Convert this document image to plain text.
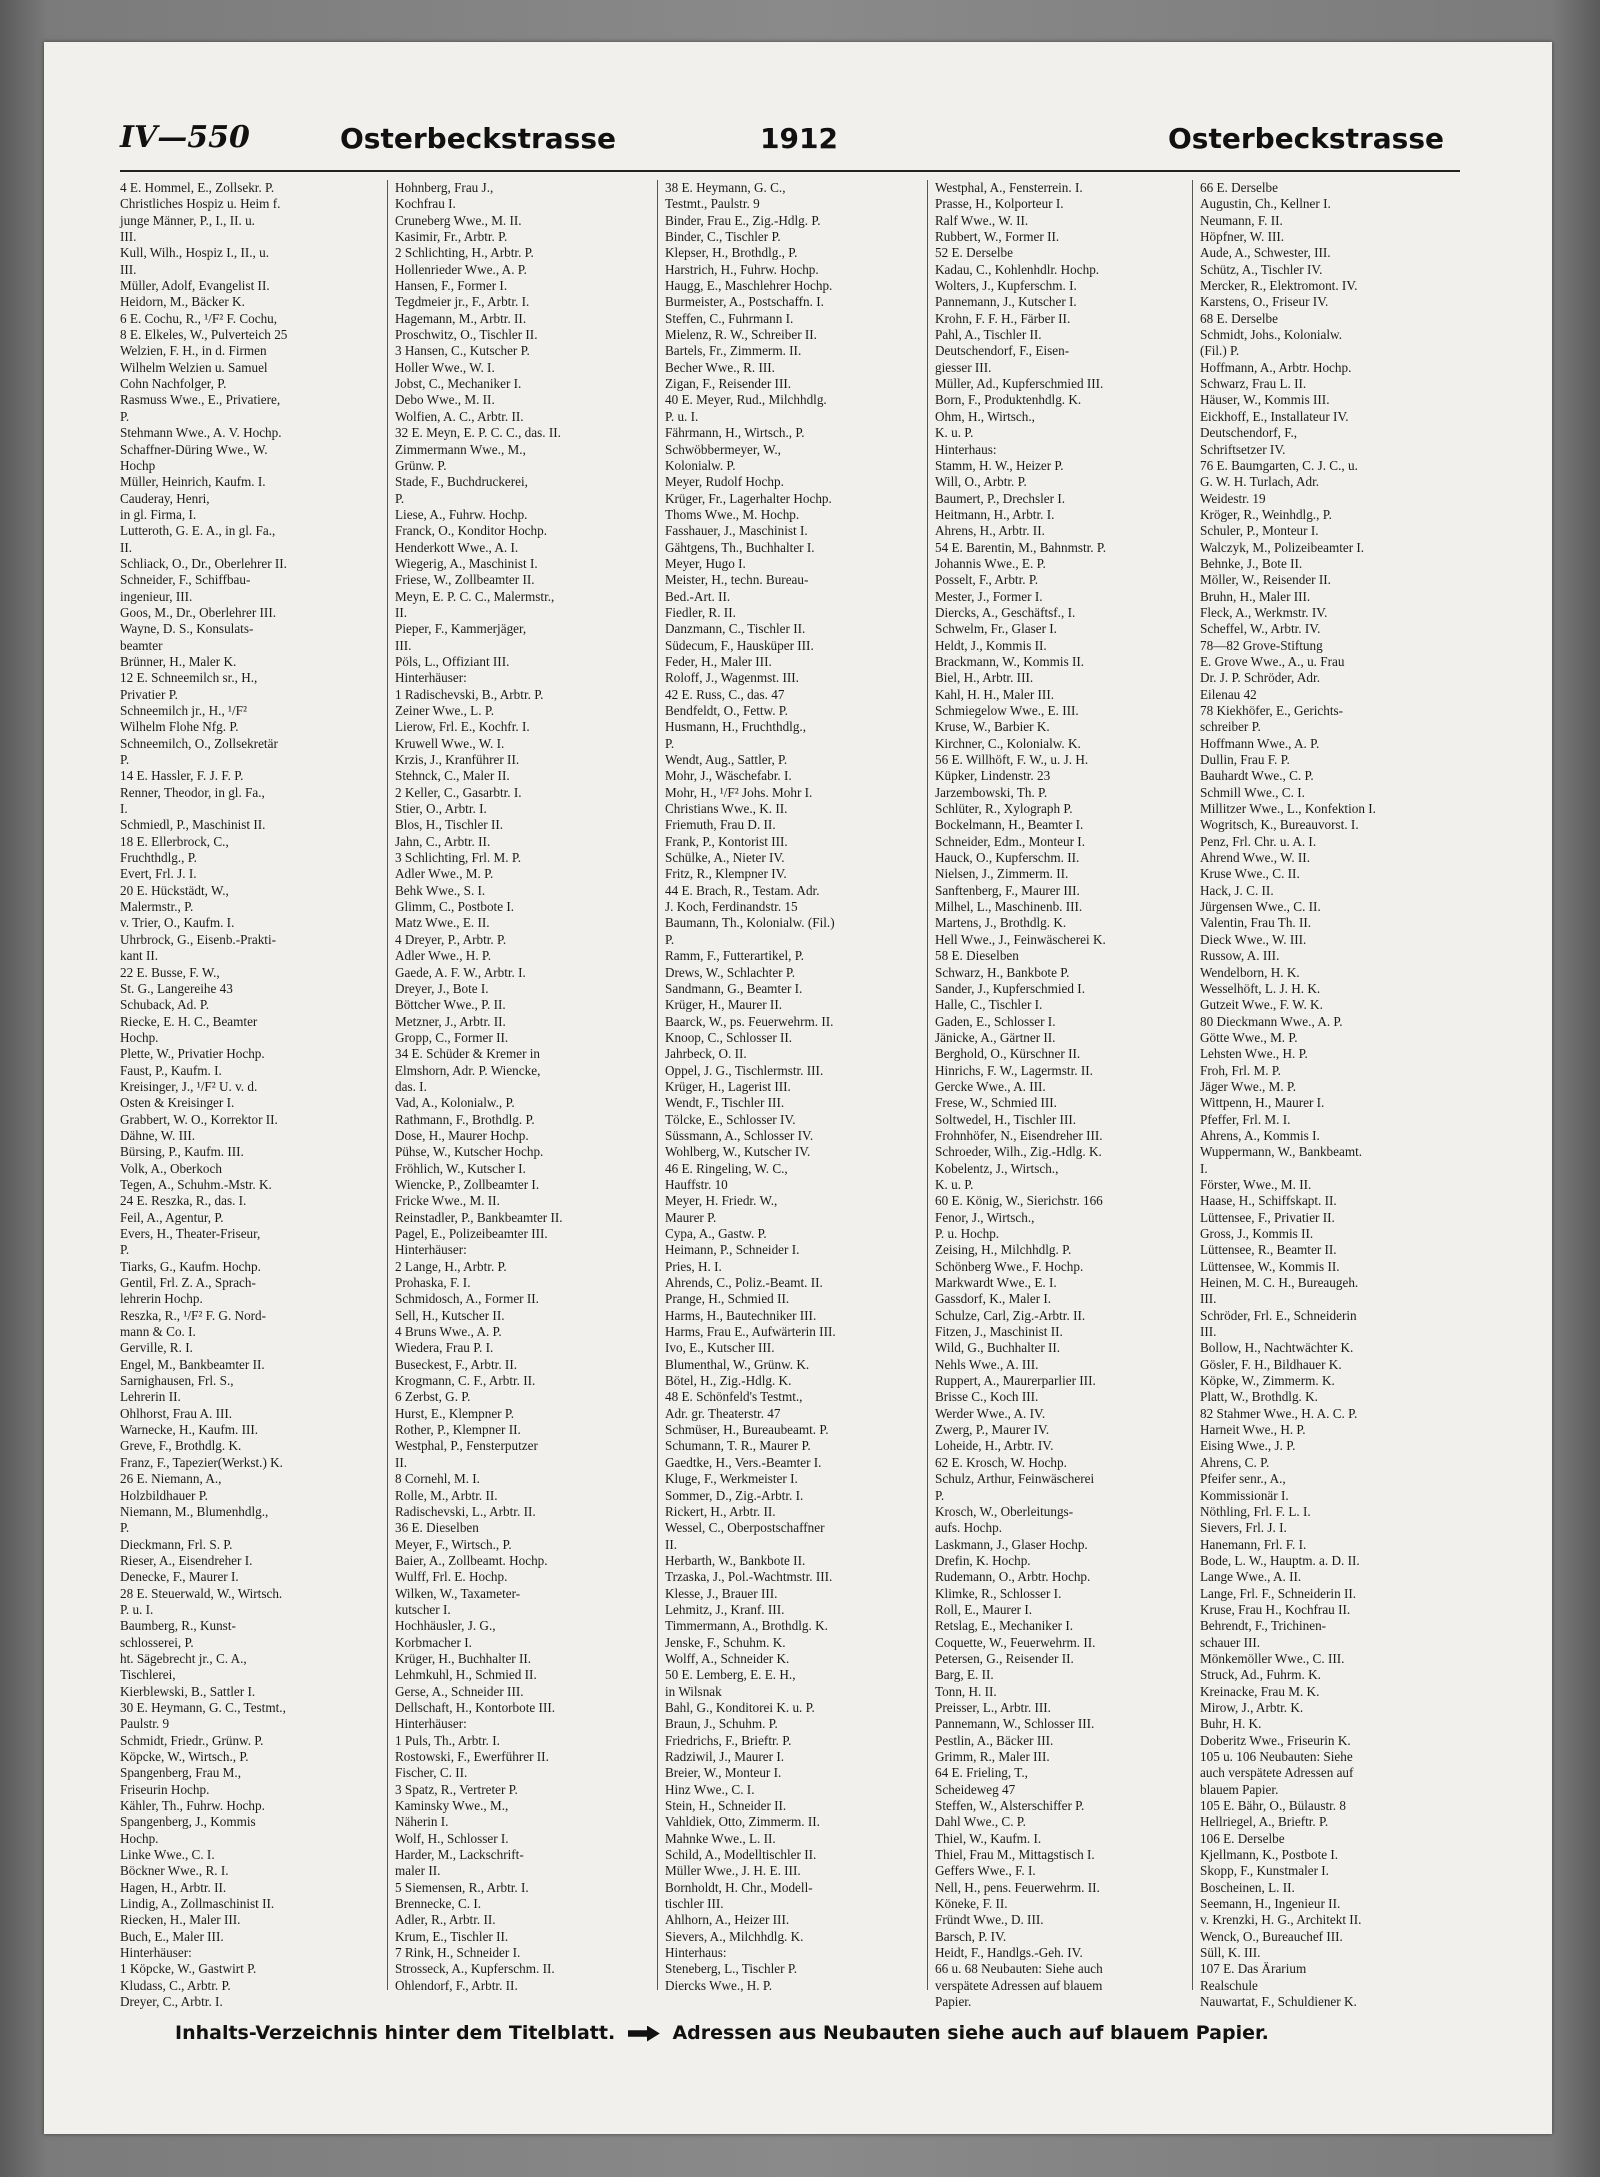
IV—550	Osterbeckstrasse	1912	Osterbeckstrasse
4 E. Hommel, E., Zollsekr. P.
Christliches Hospiz u. Heim f.
junge Männer, P., I., II. u.
III.
Kull, Wilh., Hospiz I., II., u.
III.
Müller, Adolf, Evangelist II.
Heidorn, M., Bäcker K.
6 E. Cochu, R., ¹/F² F. Cochu,
8 E. Elkeles, W., Pulverteich 25
Welzien, F. H., in d. Firmen
Wilhelm Welzien u. Samuel
Cohn Nachfolger, P.
Rasmuss Wwe., E., Privatiere,
P.
Stehmann Wwe., A. V. Hochp.
Schaffner-Düring Wwe., W.
Hochp
Müller, Heinrich, Kaufm. I.
Cauderay, Henri,
in gl. Firma, I.
Lutteroth, G. E. A., in gl. Fa.,
II.
Schliack, O., Dr., Oberlehrer II.
Schneider, F., Schiffbau-
ingenieur, III.
Goos, M., Dr., Oberlehrer III.
Wayne, D. S., Konsulats-
beamter
Brünner, H., Maler K.
12 E. Schneemilch sr., H.,
Privatier P.
Schneemilch jr., H., ¹/F²
Wilhelm Flohe Nfg. P.
Schneemilch, O., Zollsekretär
P.
14 E. Hassler, F. J. F. P.
Renner, Theodor, in gl. Fa.,
I.
Schmiedl, P., Maschinist II.
18 E. Ellerbrock, C.,
Fruchthdlg., P.
Evert, Frl. J. I.
20 E. Hückstädt, W.,
Malermstr., P.
v. Trier, O., Kaufm. I.
Uhrbrock, G., Eisenb.-Prakti-
kant II.
22 E. Busse, F. W.,
St. G., Langereihe 43
Schuback, Ad. P.
Riecke, E. H. C., Beamter
Hochp.
Plette, W., Privatier Hochp.
Faust, P., Kaufm. I.
Kreisinger, J., ¹/F² U. v. d.
Osten & Kreisinger I.
Grabbert, W. O., Korrektor II.
Dähne, W. III.
Bürsing, P., Kaufm. III.
Volk, A., Oberkoch
Tegen, A., Schuhm.-Mstr. K.
24 E. Reszka, R., das. I.
Feil, A., Agentur, P.
Evers, H., Theater-Friseur,
P.
Tiarks, G., Kaufm. Hochp.
Gentil, Frl. Z. A., Sprach-
lehrerin Hochp.
Reszka, R., ¹/F² F. G. Nord-
mann & Co. I.
Gerville, R. I.
Engel, M., Bankbeamter II.
Sarnighausen, Frl. S.,
Lehrerin II.
Ohlhorst, Frau A. III.
Warnecke, H., Kaufm. III.
Greve, F., Brothdlg. K.
Franz, F., Tapezier(Werkst.) K.
26 E. Niemann, A.,
Holzbildhauer P.
Niemann, M., Blumenhdlg.,
P.
Dieckmann, Frl. S. P.
Rieser, A., Eisendreher I.
Denecke, F., Maurer I.
28 E. Steuerwald, W., Wirtsch.
P. u. I.
Baumberg, R., Kunst-
schlosserei, P.
ht. Sägebrecht jr., C. A.,
Tischlerei,
Kierblewski, B., Sattler I.
30 E. Heymann, G. C., Testmt.,
Paulstr. 9
Schmidt, Friedr., Grünw. P.
Köpcke, W., Wirtsch., P.
Spangenberg, Frau M.,
Friseurin Hochp.
Kähler, Th., Fuhrw. Hochp.
Spangenberg, J., Kommis
Hochp.
Linke Wwe., C. I.
Böckner Wwe., R. I.
Hagen, H., Arbtr. II.
Lindig, A., Zollmaschinist II.
Riecken, H., Maler III.
Buch, E., Maler III.
Hinterhäuser:
1 Köpcke, W., Gastwirt P.
Kludass, C., Arbtr. P.
Dreyer, C., Arbtr. I.
Hohnberg, Frau J.,
Kochfrau I.
Cruneberg Wwe., M. II.
Kasimir, Fr., Arbtr. P.
2 Schlichting, H., Arbtr. P.
Hollenrieder Wwe., A. P.
Hansen, F., Former I.
Tegdmeier jr., F., Arbtr. I.
Hagemann, M., Arbtr. II.
Proschwitz, O., Tischler II.
3 Hansen, C., Kutscher P.
Holler Wwe., W. I.
Jobst, C., Mechaniker I.
Debo Wwe., M. II.
Wolfien, A. C., Arbtr. II.
32 E. Meyn, E. P. C. C., das. II.
Zimmermann Wwe., M.,
Grünw. P.
Stade, F., Buchdruckerei,
P.
Liese, A., Fuhrw. Hochp.
Franck, O., Konditor Hochp.
Henderkott Wwe., A. I.
Wiegerig, A., Maschinist I.
Friese, W., Zollbeamter II.
Meyn, E. P. C. C., Malermstr.,
II.
Pieper, F., Kammerjäger,
III.
Pöls, L., Offiziant III.
Hinterhäuser:
1 Radischevski, B., Arbtr. P.
Zeiner Wwe., L. P.
Lierow, Frl. E., Kochfr. I.
Kruwell Wwe., W. I.
Krzis, J., Kranführer II.
Stehnck, C., Maler II.
2 Keller, C., Gasarbtr. I.
Stier, O., Arbtr. I.
Blos, H., Tischler II.
Jahn, C., Arbtr. II.
3 Schlichting, Frl. M. P.
Adler Wwe., M. P.
Behk Wwe., S. I.
Glimm, C., Postbote I.
Matz Wwe., E. II.
4 Dreyer, P., Arbtr. P.
Adler Wwe., H. P.
Gaede, A. F. W., Arbtr. I.
Dreyer, J., Bote I.
Böttcher Wwe., P. II.
Metzner, J., Arbtr. II.
Gropp, C., Former II.
34 E. Schüder & Kremer in
Elmshorn, Adr. P. Wiencke,
das. I.
Vad, A., Kolonialw., P.
Rathmann, F., Brothdlg. P.
Dose, H., Maurer Hochp.
Pühse, W., Kutscher Hochp.
Fröhlich, W., Kutscher I.
Wiencke, P., Zollbeamter I.
Fricke Wwe., M. II.
Reinstadler, P., Bankbeamter II.
Pagel, E., Polizeibeamter III.
Hinterhäuser:
2 Lange, H., Arbtr. P.
Prohaska, F. I.
Schmidosch, A., Former II.
Sell, H., Kutscher II.
4 Bruns Wwe., A. P.
Wiedera, Frau P. I.
Buseckest, F., Arbtr. II.
Krogmann, C. F., Arbtr. II.
6 Zerbst, G. P.
Hurst, E., Klempner P.
Rother, P., Klempner II.
Westphal, P., Fensterputzer
II.
8 Cornehl, M. I.
Rolle, M., Arbtr. II.
Radischevski, L., Arbtr. II.
36 E. Dieselben
Meyer, F., Wirtsch., P.
Baier, A., Zollbeamt. Hochp.
Wulff, Frl. E. Hochp.
Wilken, W., Taxameter-
kutscher I.
Hochhäusler, J. G.,
Korbmacher I.
Krüger, H., Buchhalter II.
Lehmkuhl, H., Schmied II.
Gerse, A., Schneider III.
Dellschaft, H., Kontorbote III.
Hinterhäuser:
1 Puls, Th., Arbtr. I.
Rostowski, F., Ewerführer II.
Fischer, C. II.
3 Spatz, R., Vertreter P.
Kaminsky Wwe., M.,
Näherin I.
Wolf, H., Schlosser I.
Harder, M., Lackschrift-
maler II.
5 Siemensen, R., Arbtr. I.
Brennecke, C. I.
Adler, R., Arbtr. II.
Krum, E., Tischler II.
7 Rink, H., Schneider I.
Strosseck, A., Kupferschm. II.
Ohlendorf, F., Arbtr. II.
38 E. Heymann, G. C.,
Testmt., Paulstr. 9
Binder, Frau E., Zig.-Hdlg. P.
Binder, C., Tischler P.
Klepser, H., Brothdlg., P.
Harstrich, H., Fuhrw. Hochp.
Haugg, E., Maschlehrer Hochp.
Burmeister, A., Postschaffn. I.
Steffen, C., Fuhrmann I.
Mielenz, R. W., Schreiber II.
Bartels, Fr., Zimmerm. II.
Becher Wwe., R. III.
Zigan, F., Reisender III.
40 E. Meyer, Rud., Milchhdlg.
P. u. I.
Fährmann, H., Wirtsch., P.
Schwöbbermeyer, W.,
Kolonialw. P.
Meyer, Rudolf Hochp.
Krüger, Fr., Lagerhalter Hochp.
Thoms Wwe., M. Hochp.
Fasshauer, J., Maschinist I.
Gähtgens, Th., Buchhalter I.
Meyer, Hugo I.
Meister, H., techn. Bureau-
Bed.-Art. II.
Fiedler, R. II.
Danzmann, C., Tischler II.
Südecum, F., Hausküper III.
Feder, H., Maler III.
Roloff, J., Wagenmst. III.
42 E. Russ, C., das. 47
Bendfeldt, O., Fettw. P.
Husmann, H., Fruchthdlg.,
P.
Wendt, Aug., Sattler, P.
Mohr, J., Wäschefabr. I.
Mohr, H., ¹/F² Johs. Mohr I.
Christians Wwe., K. II.
Friemuth, Frau D. II.
Frank, P., Kontorist III.
Schülke, A., Nieter IV.
Fritz, R., Klempner IV.
44 E. Brach, R., Testam. Adr.
J. Koch, Ferdinandstr. 15
Baumann, Th., Kolonialw. (Fil.)
P.
Ramm, F., Futterartikel, P.
Drews, W., Schlachter P.
Sandmann, G., Beamter I.
Krüger, H., Maurer II.
Baarck, W., ps. Feuerwehrm. II.
Knoop, C., Schlosser II.
Jahrbeck, O. II.
Oppel, J. G., Tischlermstr. III.
Krüger, H., Lagerist III.
Wendt, F., Tischler III.
Tölcke, E., Schlosser IV.
Süssmann, A., Schlosser IV.
Wohlberg, W., Kutscher IV.
46 E. Ringeling, W. C.,
Hauffstr. 10
Meyer, H. Friedr. W.,
Maurer P.
Cypa, A., Gastw. P.
Heimann, P., Schneider I.
Pries, H. I.
Ahrends, C., Poliz.-Beamt. II.
Prange, H., Schmied II.
Harms, H., Bautechniker III.
Harms, Frau E., Aufwärterin III.
Ivo, E., Kutscher III.
Blumenthal, W., Grünw. K.
Bötel, H., Zig.-Hdlg. K.
48 E. Schönfeld's Testmt.,
Adr. gr. Theaterstr. 47
Schmüser, H., Bureaubeamt. P.
Schumann, T. R., Maurer P.
Gaedtke, H., Vers.-Beamter I.
Kluge, F., Werkmeister I.
Sommer, D., Zig.-Arbtr. I.
Rickert, H., Arbtr. II.
Wessel, C., Oberpostschaffner
II.
Herbarth, W., Bankbote II.
Trzaska, J., Pol.-Wachtmstr. III.
Klesse, J., Brauer III.
Lehmitz, J., Kranf. III.
Timmermann, A., Brothdlg. K.
Jenske, F., Schuhm. K.
Wolff, A., Schneider K.
50 E. Lemberg, E. E. H.,
in Wilsnak
Bahl, G., Konditorei K. u. P.
Braun, J., Schuhm. P.
Friedrichs, F., Brieftr. P.
Radziwil, J., Maurer I.
Breier, W., Monteur I.
Hinz Wwe., C. I.
Stein, H., Schneider II.
Vahldiek, Otto, Zimmerm. II.
Mahnke Wwe., L. II.
Schild, A., Modelltischler II.
Müller Wwe., J. H. E. III.
Bornholdt, H. Chr., Modell-
tischler III.
Ahlhorn, A., Heizer III.
Sievers, A., Milchhdlg. K.
Hinterhaus:
Steneberg, L., Tischler P.
Diercks Wwe., H. P.
Westphal, A., Fensterrein. I.
Prasse, H., Kolporteur I.
Ralf Wwe., W. II.
Rubbert, W., Former II.
52 E. Derselbe
Kadau, C., Kohlenhdlr. Hochp.
Wolters, J., Kupferschm. I.
Pannemann, J., Kutscher I.
Krohn, F. F. H., Färber II.
Pahl, A., Tischler II.
Deutschendorf, F., Eisen-
giesser III.
Müller, Ad., Kupferschmied III.
Born, F., Produktenhdlg. K.
Ohm, H., Wirtsch.,
K. u. P.
Hinterhaus:
Stamm, H. W., Heizer P.
Will, O., Arbtr. P.
Baumert, P., Drechsler I.
Heitmann, H., Arbtr. I.
Ahrens, H., Arbtr. II.
54 E. Barentin, M., Bahnmstr. P.
Johannis Wwe., E. P.
Posselt, F., Arbtr. P.
Mester, J., Former I.
Diercks, A., Geschäftsf., I.
Schwelm, Fr., Glaser I.
Heldt, J., Kommis II.
Brackmann, W., Kommis II.
Biel, H., Arbtr. III.
Kahl, H. H., Maler III.
Schmiegelow Wwe., E. III.
Kruse, W., Barbier K.
Kirchner, C., Kolonialw. K.
56 E. Willhöft, F. W., u. J. H.
Küpker, Lindenstr. 23
Jarzembowski, Th. P.
Schlüter, R., Xylograph P.
Bockelmann, H., Beamter I.
Schneider, Edm., Monteur I.
Hauck, O., Kupferschm. II.
Nielsen, J., Zimmerm. II.
Sanftenberg, F., Maurer III.
Milhel, L., Maschinenb. III.
Martens, J., Brothdlg. K.
Hell Wwe., J., Feinwäscherei K.
58 E. Dieselben
Schwarz, H., Bankbote P.
Sander, J., Kupferschmied I.
Halle, C., Tischler I.
Gaden, E., Schlosser I.
Jänicke, A., Gärtner II.
Berghold, O., Kürschner II.
Hinrichs, F. W., Lagermstr. II.
Gercke Wwe., A. III.
Frese, W., Schmied III.
Soltwedel, H., Tischler III.
Frohnhöfer, N., Eisendreher III.
Schroeder, Wilh., Zig.-Hdlg. K.
Kobelentz, J., Wirtsch.,
K. u. P.
60 E. König, W., Sierichstr. 166
Fenor, J., Wirtsch.,
P. u. Hochp.
Zeising, H., Milchhdlg. P.
Schönberg Wwe., F. Hochp.
Markwardt Wwe., E. I.
Gassdorf, K., Maler I.
Schulze, Carl, Zig.-Arbtr. II.
Fitzen, J., Maschinist II.
Wild, G., Buchhalter II.
Nehls Wwe., A. III.
Ruppert, A., Maurerparlier III.
Brisse C., Koch III.
Werder Wwe., A. IV.
Zwerg, P., Maurer IV.
Loheide, H., Arbtr. IV.
62 E. Krosch, W. Hochp.
Schulz, Arthur, Feinwäscherei
P.
Krosch, W., Oberleitungs-
aufs. Hochp.
Laskmann, J., Glaser Hochp.
Drefin, K. Hochp.
Rudemann, O., Arbtr. Hochp.
Klimke, R., Schlosser I.
Roll, E., Maurer I.
Retslag, E., Mechaniker I.
Coquette, W., Feuerwehrm. II.
Petersen, G., Reisender II.
Barg, E. II.
Tonn, H. II.
Preisser, L., Arbtr. III.
Pannemann, W., Schlosser III.
Pestlin, A., Bäcker III.
Grimm, R., Maler III.
64 E. Frieling, T.,
Scheideweg 47
Steffen, W., Alsterschiffer P.
Dahl Wwe., C. P.
Thiel, W., Kaufm. I.
Thiel, Frau M., Mittagstisch I.
Geffers Wwe., F. I.
Nell, H., pens. Feuerwehrm. II.
Köneke, F. II.
Fründt Wwe., D. III.
Barsch, P. IV.
Heidt, F., Handlgs.-Geh. IV.
66 u. 68 Neubauten: Siehe auch
verspätete Adressen auf blauem
Papier.
66 E. Derselbe
Augustin, Ch., Kellner I.
Neumann, F. II.
Höpfner, W. III.
Aude, A., Schwester, III.
Schütz, A., Tischler IV.
Mercker, R., Elektromont. IV.
Karstens, O., Friseur IV.
68 E. Derselbe
Schmidt, Johs., Kolonialw.
(Fil.) P.
Hoffmann, A., Arbtr. Hochp.
Schwarz, Frau L. II.
Häuser, W., Kommis III.
Eickhoff, E., Installateur IV.
Deutschendorf, F.,
Schriftsetzer IV.
76 E. Baumgarten, C. J. C., u.
G. W. H. Turlach, Adr.
Weidestr. 19
Kröger, R., Weinhdlg., P.
Schuler, P., Monteur I.
Walczyk, M., Polizeibeamter I.
Behnke, J., Bote II.
Möller, W., Reisender II.
Bruhn, H., Maler III.
Fleck, A., Werkmstr. IV.
Scheffel, W., Arbtr. IV.
78—82 Grove-Stiftung
E. Grove Wwe., A., u. Frau
Dr. J. P. Schröder, Adr.
Eilenau 42
78 Kiekhöfer, E., Gerichts-
schreiber P.
Hoffmann Wwe., A. P.
Dullin, Frau F. P.
Bauhardt Wwe., C. P.
Schmill Wwe., C. I.
Millitzer Wwe., L., Konfektion I.
Wogritsch, K., Bureauvorst. I.
Penz, Frl. Chr. u. A. I.
Ahrend Wwe., W. II.
Kruse Wwe., C. II.
Hack, J. C. II.
Jürgensen Wwe., C. II.
Valentin, Frau Th. II.
Dieck Wwe., W. III.
Russow, A. III.
Wendelborn, H. K.
Wesselhöft, L. J. H. K.
Gutzeit Wwe., F. W. K.
80 Dieckmann Wwe., A. P.
Götte Wwe., M. P.
Lehsten Wwe., H. P.
Froh, Frl. M. P.
Jäger Wwe., M. P.
Wittpenn, H., Maurer I.
Pfeffer, Frl. M. I.
Ahrens, A., Kommis I.
Wuppermann, W., Bankbeamt.
I.
Förster, Wwe., M. II.
Haase, H., Schiffskapt. II.
Lüttensee, F., Privatier II.
Gross, J., Kommis II.
Lüttensee, R., Beamter II.
Lüttensee, W., Kommis II.
Heinen, M. C. H., Bureaugeh.
III.
Schröder, Frl. E., Schneiderin
III.
Bollow, H., Nachtwächter K.
Gösler, F. H., Bildhauer K.
Köpke, W., Zimmerm. K.
Platt, W., Brothdlg. K.
82 Stahmer Wwe., H. A. C. P.
Harneit Wwe., H. P.
Eising Wwe., J. P.
Ahrens, C. P.
Pfeifer senr., A.,
Kommissionär I.
Nöthling, Frl. F. L. I.
Sievers, Frl. J. I.
Hanemann, Frl. F. I.
Bode, L. W., Hauptm. a. D. II.
Lange Wwe., A. II.
Lange, Frl. F., Schneiderin II.
Kruse, Frau H., Kochfrau II.
Behrendt, F., Trichinen-
schauer III.
Mönkemöller Wwe., C. III.
Struck, Ad., Fuhrm. K.
Kreinacke, Frau M. K.
Mirow, J., Arbtr. K.
Buhr, H. K.
Doberitz Wwe., Friseurin K.
105 u. 106 Neubauten: Siehe
auch verspätete Adressen auf
blauem Papier.
105 E. Bähr, O., Bülaustr. 8
Hellriegel, A., Brieftr. P.
106 E. Derselbe
Kjellmann, K., Postbote I.
Skopp, F., Kunstmaler I.
Boscheinen, L. II.
Seemann, H., Ingenieur II.
v. Krenzki, H. G., Architekt II.
Wenck, O., Bureauchef III.
Süll, K. III.
107 E. Das Ärarium
Realschule
Nauwartat, F., Schuldiener K.
Inhalts-Verzeichnis hinter dem Titelblatt.	Adressen aus Neubauten siehe auch auf blauem Papier.
